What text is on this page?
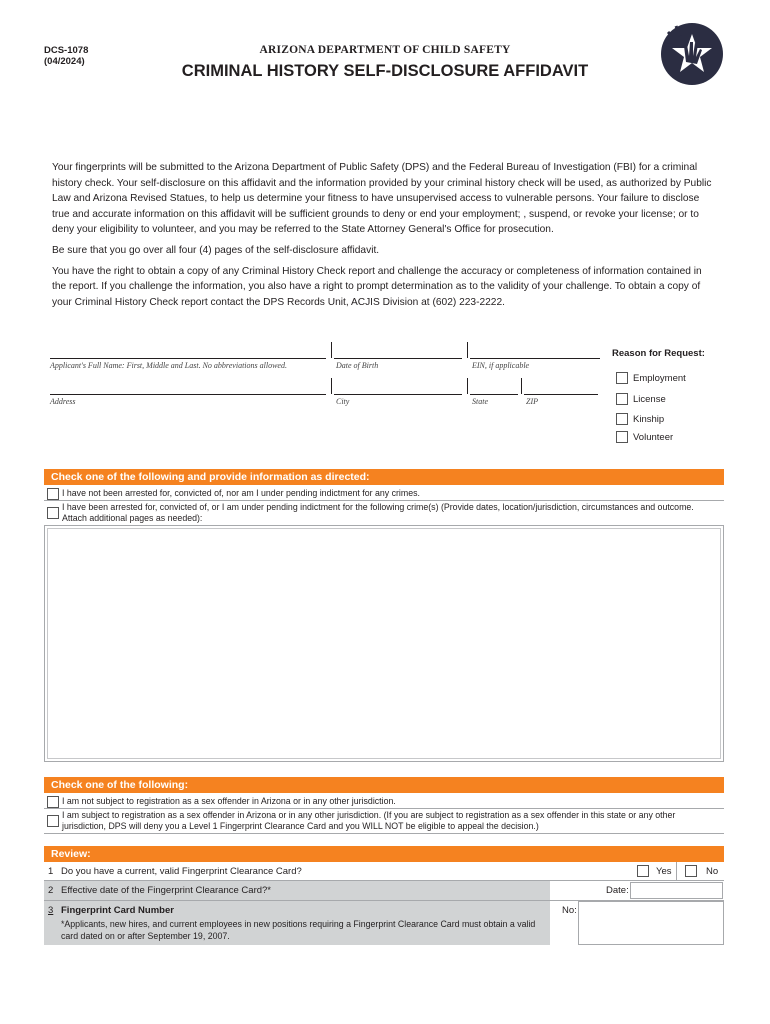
DCS-1078
(04/2024)
ARIZONA DEPARTMENT OF CHILD SAFETY
CRIMINAL HISTORY SELF-DISCLOSURE AFFIDAVIT

Your fingerprints will be submitted to the Arizona Department of Public Safety (DPS) and the Federal Bureau of Investigation (FBI) for a criminal history check. Your self-disclosure on this affidavit and the information provided by your criminal history check will be used, as authorized by Public Law and Arizona Revised Statues, to help us determine your fitness to have unsupervised access to vulnerable persons. Your failure to disclose true and accurate information on this affidavit will be sufficient grounds to deny or end your employment; , suspend, or revoke your license; or to deny your eligibility to volunteer, and you may be referred to the State Attorney General's Office for prosecution.

Be sure that you go over all four (4) pages of the self-disclosure affidavit.

You have the right to obtain a copy of any Criminal History Check report and challenge the accuracy or completeness of information contained in the report. If you challenge the information, you also have a right to prompt determination as to the validity of your challenge. To obtain a copy of your Criminal History Check report contact the DPS Records Unit, ACJIS Division at (602) 223-2222.

Applicant's Full Name: First, Middle and Last. No abbreviations allowed.	Date of Birth	EIN, if applicable
Address	City	State	ZIP
Reason for Request:
Employment
License
Kinship
Volunteer
Check one of the following and provide information as directed:
I have not been arrested for, convicted of, nor am I under pending indictment for any crimes.
I have been arrested for, convicted of, or I am under pending indictment for the following crime(s) (Provide dates, location/jurisdiction, circumstances and outcome. Attach additional pages as needed):
Check one of the following:
I am not subject to registration as a sex offender in Arizona or in any other jurisdiction.
I am subject to registration as a sex offender in Arizona or in any other jurisdiction. (If you are subject to registration as a sex offender in this state or any other jurisdiction, DPS will deny you a Level 1 Fingerprint Clearance Card and you WILL NOT be eligible to appeal the decision.)
Review:
1 Do you have a current, valid Fingerprint Clearance Card?	Yes	No
2 Effective date of the Fingerprint Clearance Card?*	Date:
3 Fingerprint Card Number
*Applicants, new hires, and current employees in new positions requiring a Fingerprint Clearance Card must obtain a valid card dated on or after September 19, 2007.
No:
